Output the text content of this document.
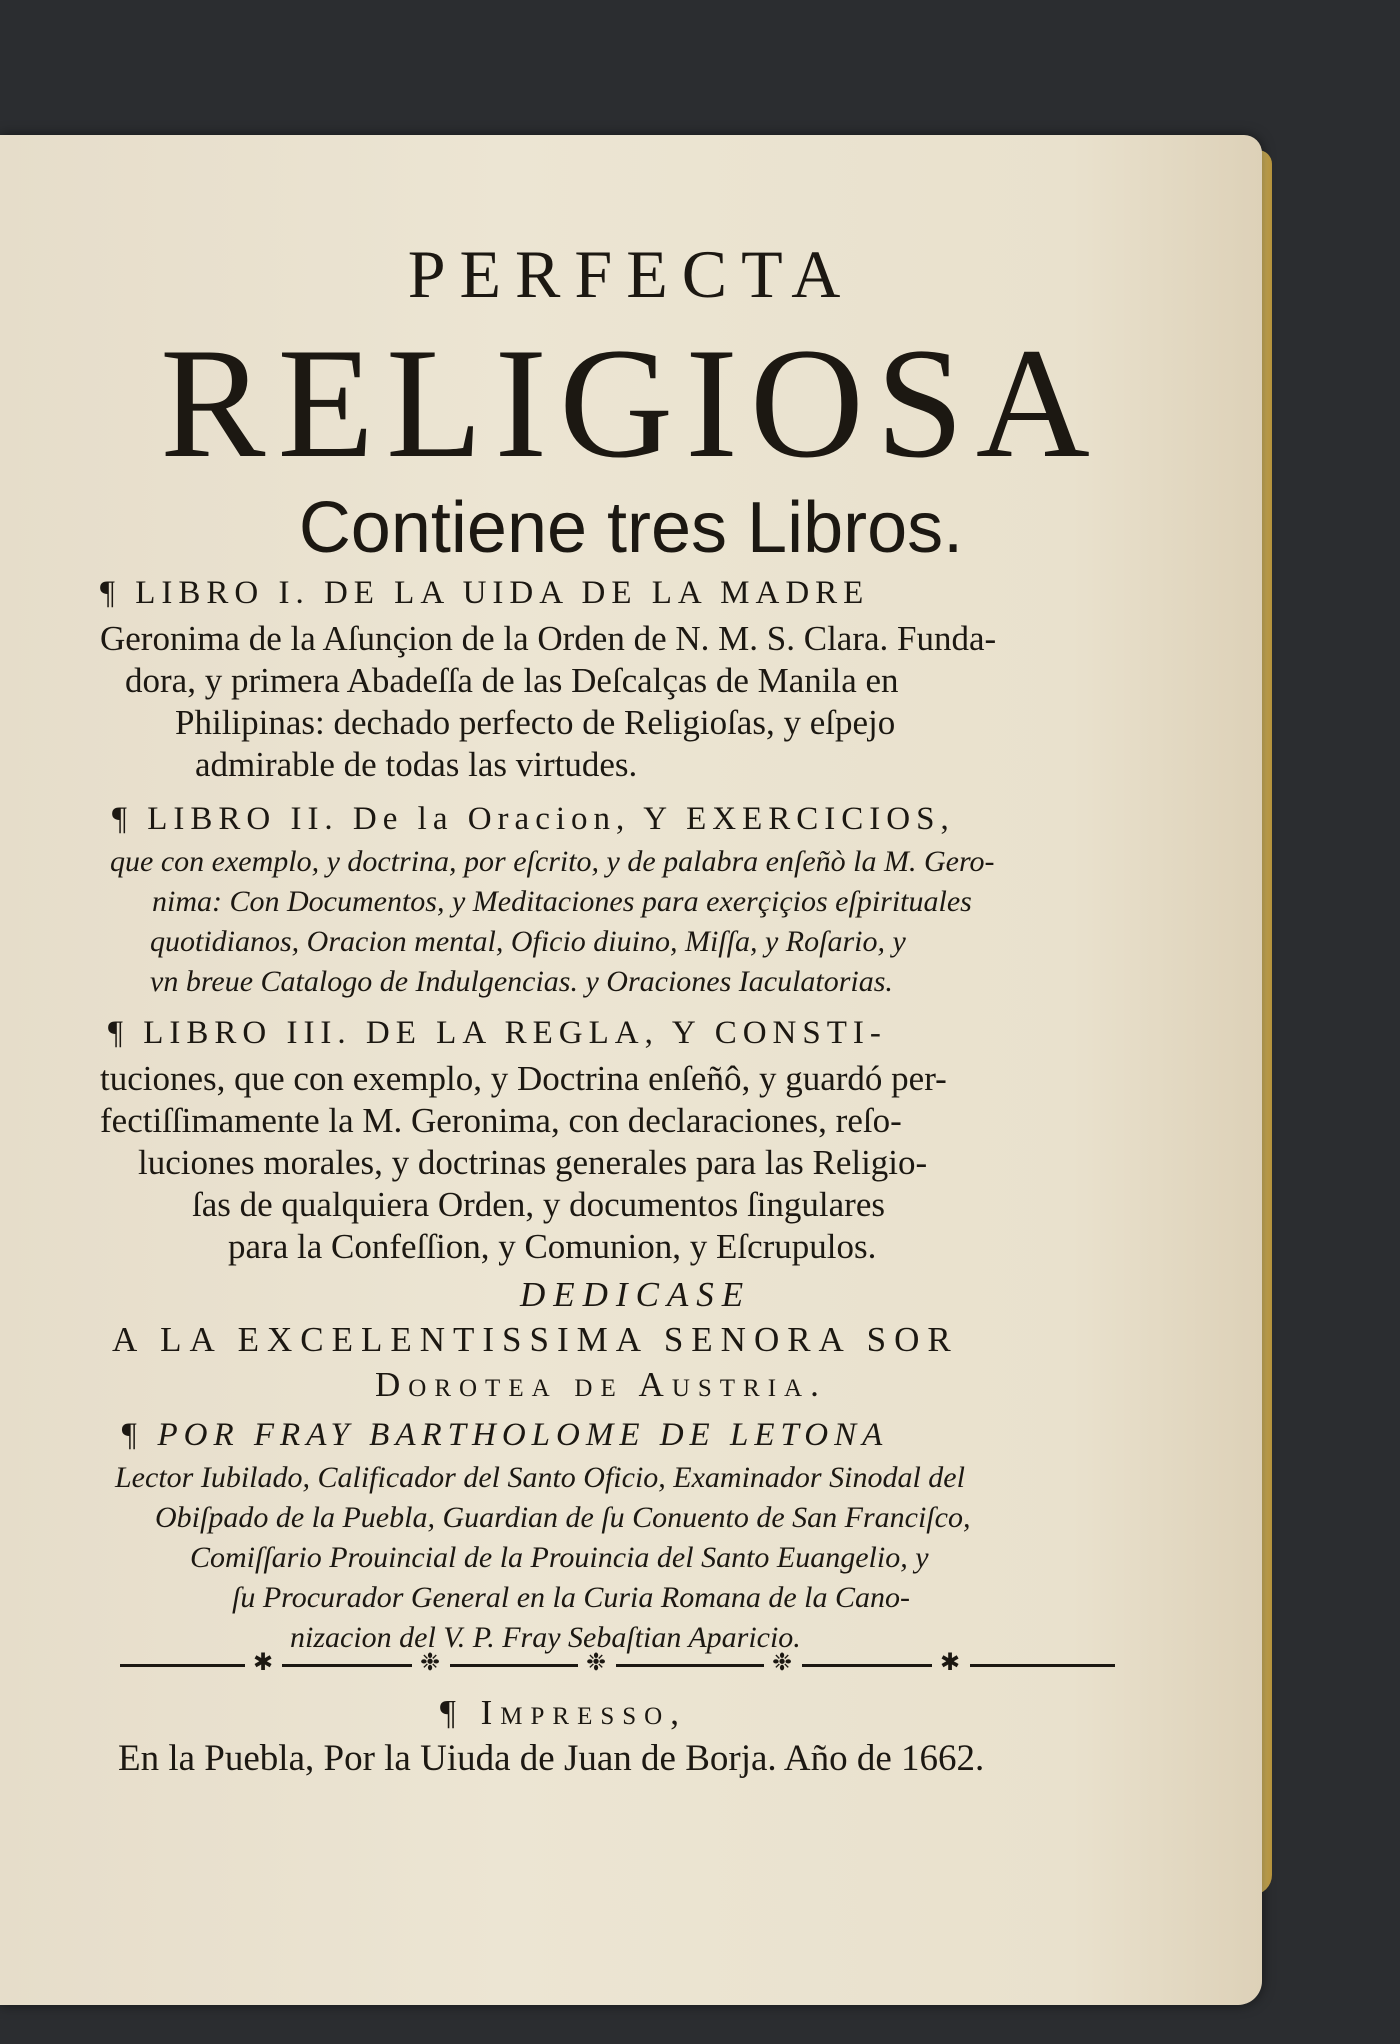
PERFECTA
RELIGIOSA
Contiene tres Libros.
¶ LIBRO I. DE LA UIDA DE LA MADRE
Geronima de la Aſunçion de la Orden de N. M. S. Clara. Funda-
dora, y primera Abadeſſa de las Deſcalças de Manila en
Philipinas: dechado perfecto de Religioſas, y eſpejo
admirable de todas las virtudes.
¶ LIBRO II. De la Oracion, Y EXERCICIOS,
que con exemplo, y doctrina, por eſcrito, y de palabra enſeñò la M. Gero-
nima: Con Documentos, y Meditaciones para exerçiçios eſpirituales
quotidianos, Oracion mental, Oficio diuino, Miſſa, y Roſario, y
vn breue Catalogo de Indulgencias. y Oraciones Iaculatorias.
¶ LIBRO III. DE LA REGLA, Y CONSTI-
tuciones, que con exemplo, y Doctrina enſeñô, y guardó per-
fectiſſimamente la M. Geronima, con declaraciones, reſo-
luciones morales, y doctrinas generales para las Religio-
ſas de qualquiera Orden, y documentos ſingulares
para la Confeſſion, y Comunion, y Eſcrupulos.
DEDICASE
A LA EXCELENTISSIMA SENORA SOR
Dorotea de Austria.
¶ POR FRAY BARTHOLOME DE LETONA
Lector Iubilado, Calificador del Santo Oficio, Examinador Sinodal del
Obiſpado de la Puebla, Guardian de ſu Conuento de San Franciſco,
Comiſſario Prouincial de la Prouincia del Santo Euangelio, y
ſu Procurador General en la Curia Romana de la Cano-
nizacion del V. P. Fray Sebaſtian Aparicio.
✱	❉	❉	❉	✱
¶ Impresso,
En la Puebla, Por la Uiuda de Juan de Borja. Año de 1662.
